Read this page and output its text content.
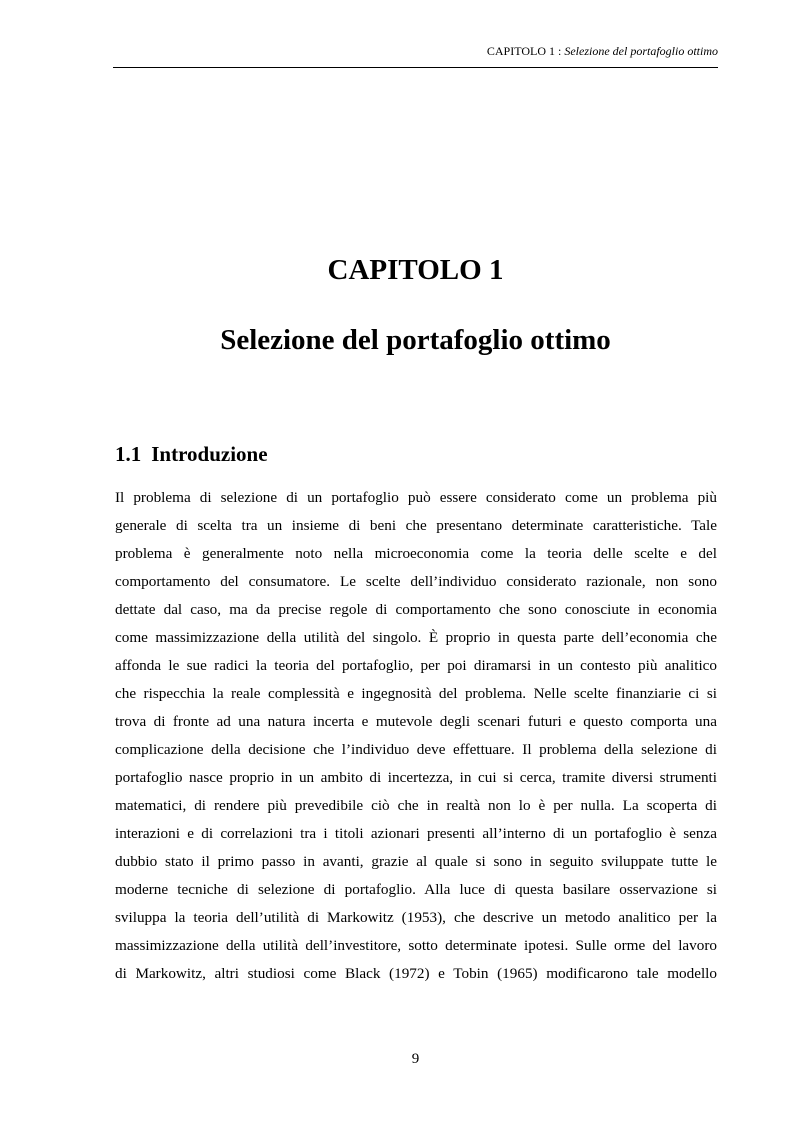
CAPITOLO 1 : Selezione del portafoglio ottimo
CAPITOLO 1
Selezione del portafoglio ottimo
1.1 Introduzione
Il problema di selezione di un portafoglio può essere considerato come un problema più
generale di scelta tra un insieme di beni che presentano determinate caratteristiche. Tale
problema è generalmente noto nella microeconomia come la teoria delle scelte e del
comportamento del consumatore. Le scelte dell’individuo considerato razionale, non sono
dettate dal caso, ma da precise regole di comportamento che sono conosciute in economia
come massimizzazione della utilità del singolo. È proprio in questa parte dell’economia che
affonda le sue radici la teoria del portafoglio, per poi diramarsi in un contesto più analitico
che rispecchia la reale complessità e ingegnosità del problema. Nelle scelte finanziarie ci si
trova di fronte ad una natura incerta e mutevole degli scenari futuri e questo comporta una
complicazione della decisione che l’individuo deve effettuare. Il problema della selezione di
portafoglio nasce proprio in un ambito di incertezza, in cui si cerca, tramite diversi strumenti
matematici, di rendere più prevedibile ciò che in realtà non lo è per nulla. La scoperta di
interazioni e di correlazioni tra i titoli azionari presenti all’interno di un portafoglio è senza
dubbio stato il primo passo in avanti, grazie al quale si sono in seguito sviluppate tutte le
moderne tecniche di selezione di portafoglio. Alla luce di questa basilare osservazione si
sviluppa la teoria dell’utilità di Markowitz (1953), che descrive un metodo analitico per la
massimizzazione della utilità dell’investitore, sotto determinate ipotesi. Sulle orme del lavoro
di Markowitz, altri studiosi come Black (1972) e Tobin (1965) modificarono tale modello
9
